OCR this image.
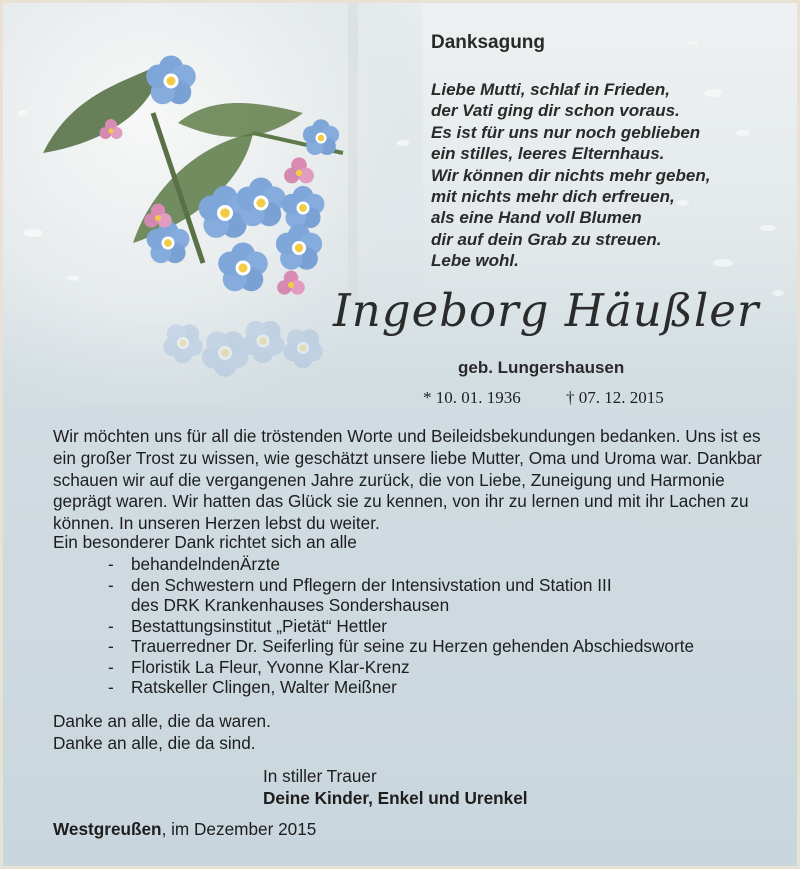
Danksagung
Liebe Mutti, schlaf in Frieden,
der Vati ging dir schon voraus.
Es ist für uns nur noch geblieben
ein stilles, leeres Elternhaus.
Wir können dir nichts mehr geben,
mit nichts mehr dich erfreuen,
als eine Hand voll Blumen
dir auf dein Grab zu streuen.
Lebe wohl.
Ingeborg Häußler
geb. Lungershausen
* 10. 01. 1936	† 07. 12. 2015

Wir möchten uns für all die tröstenden Worte und Beileidsbekundungen bedanken. Uns ist es ein großer Trost zu wissen, wie geschätzt unsere liebe Mutter, Oma und Uroma war. Dankbar schauen wir auf die vergangenen Jahre zurück, die von Liebe, Zuneigung und Harmonie geprägt waren. Wir hatten das Glück sie zu kennen, von ihr zu lernen und mit ihr Lachen zu können. In unseren Herzen lebst du weiter.

Ein besonderer Dank richtet sich an alle
- behandelndenÄrzte
- den Schwestern und Pflegern der Intensivstation und Station III
des DRK Krankenhauses Sondershausen
- Bestattungsinstitut „Pietät“ Hettler
- Trauerredner Dr. Seiferling für seine zu Herzen gehenden Abschiedsworte
- Floristik La Fleur, Yvonne Klar-Krenz
- Ratskeller Clingen, Walter Meißner
Danke an alle, die da waren.
Danke an alle, die da sind.
In stiller Trauer
Deine Kinder, Enkel und Urenkel
Westgreußen, im Dezember 2015
